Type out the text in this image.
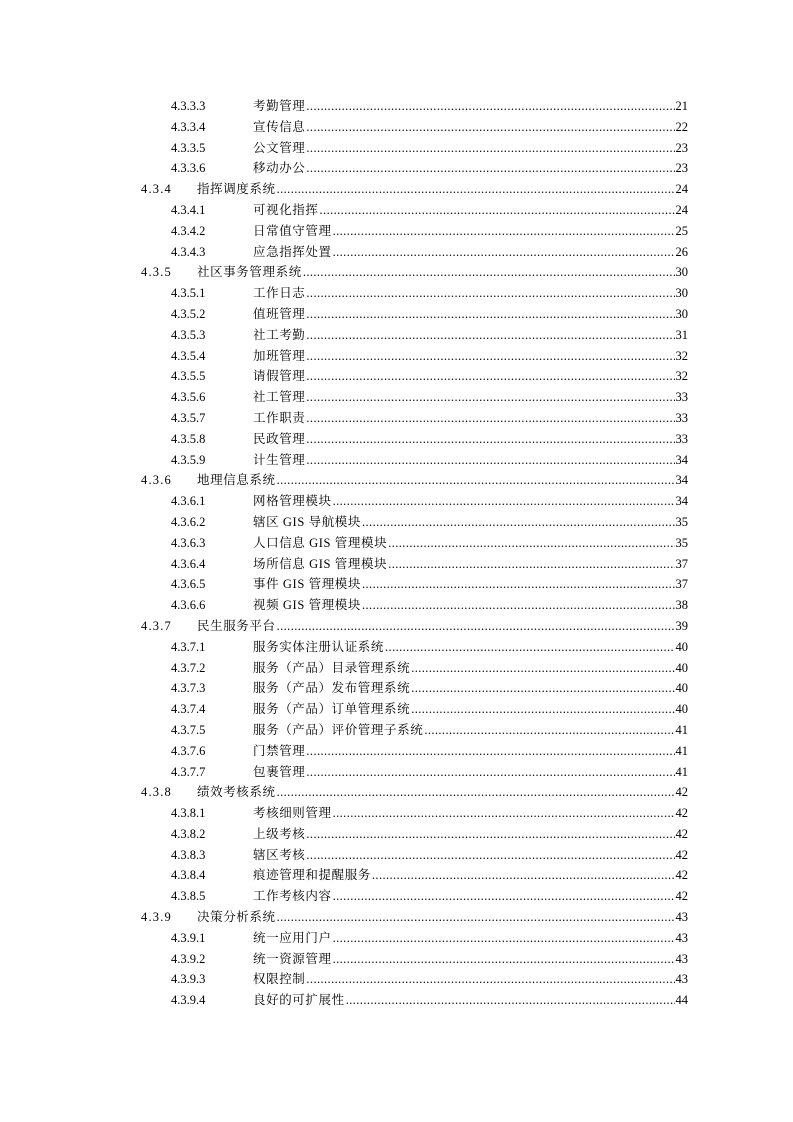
4.3.3.3	考勤管理 .....	21
4.3.3.4	宣传信息 .....	22
4.3.3.5	公文管理 .....	23
4.3.3.6	移动办公 .....	23
4.3.4 指挥调度系统 .....	24
4.3.4.1	可视化指挥 .....	24
4.3.4.2	日常值守管理 .....	25
4.3.4.3	应急指挥处置 .....	26
4.3.5 社区事务管理系统 .....	30
4.3.5.1	工作日志 .....	30
4.3.5.2	值班管理 .....	30
4.3.5.3	社工考勤 .....	31
4.3.5.4	加班管理 .....	32
4.3.5.5	请假管理 .....	32
4.3.5.6	社工管理 .....	33
4.3.5.7	工作职责 .....	33
4.3.5.8	民政管理 .....	33
4.3.5.9	计生管理 .....	34
4.3.6 地理信息系统 .....	34
4.3.6.1	网格管理模块 .....	34
4.3.6.2	辖区 GIS 导航模块 .....	35
4.3.6.3	人口信息 GIS 管理模块 .....	35
4.3.6.4	场所信息 GIS 管理模块 .....	37
4.3.6.5	事件 GIS 管理模块 .....	37
4.3.6.6	视频 GIS 管理模块 .....	38
4.3.7 民生服务平台 .....	39
4.3.7.1	服务实体注册认证系统 .....	40
4.3.7.2	服务（产品）目录管理系统 .....	40
4.3.7.3	服务（产品）发布管理系统 .....	40
4.3.7.4	服务（产品）订单管理系统 .....	40
4.3.7.5	服务（产品）评价管理子系统 .....	41
4.3.7.6	门禁管理 .....	41
4.3.7.7	包裹管理 .....	41
4.3.8 绩效考核系统 .....	42
4.3.8.1	考核细则管理 .....	42
4.3.8.2	上级考核 .....	42
4.3.8.3	辖区考核 .....	42
4.3.8.4	痕迹管理和提醒服务 .....	42
4.3.8.5	工作考核内容 .....	42
4.3.9 决策分析系统 .....	43
4.3.9.1	统一应用门户 .....	43
4.3.9.2	统一资源管理 .....	43
4.3.9.3	权限控制 .....	43
4.3.9.4	良好的可扩展性 .....	44
